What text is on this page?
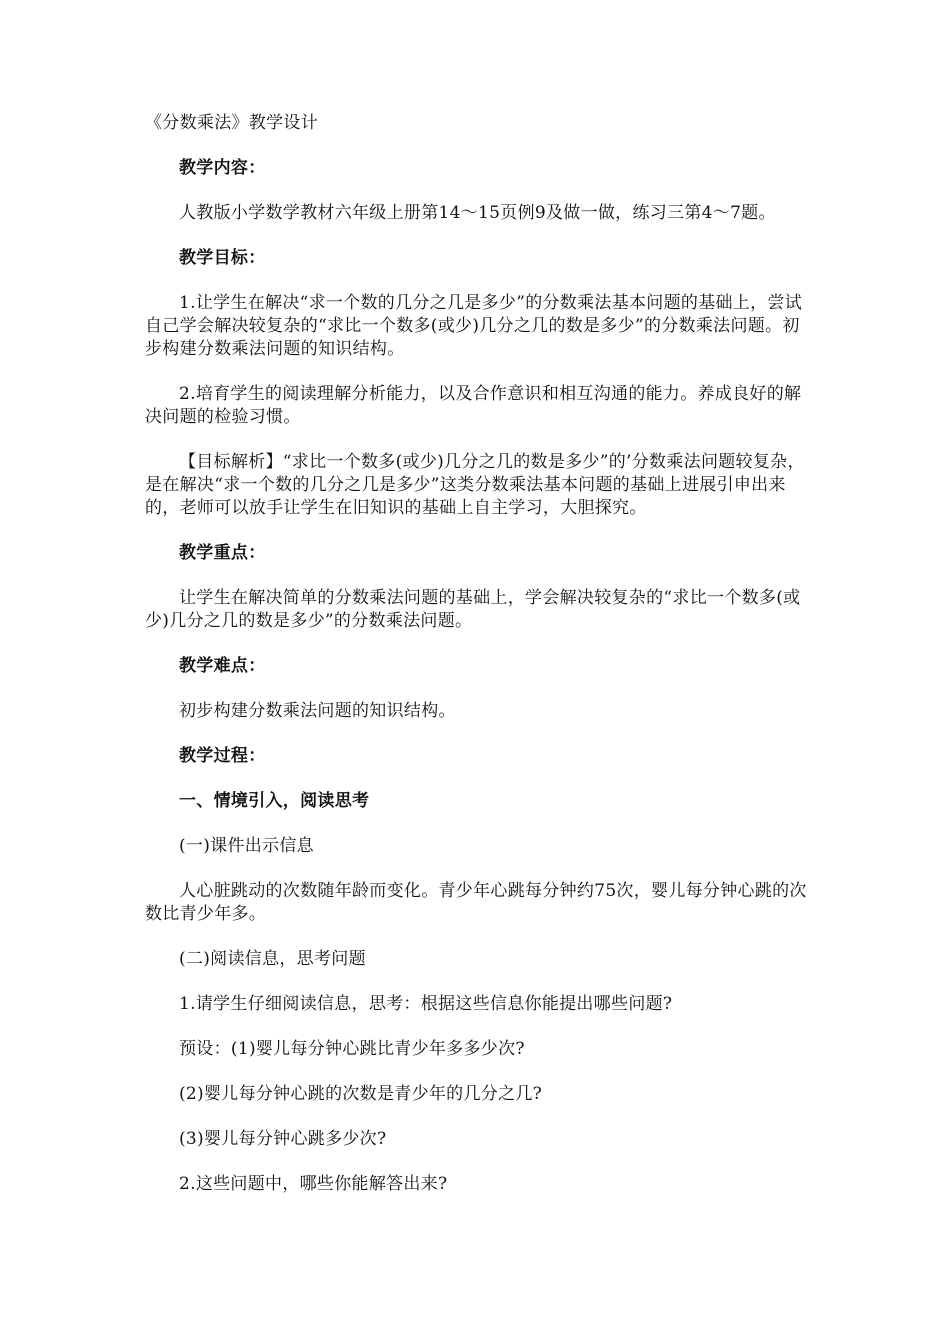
《分数乘法》教学设计

教学内容：

人教版小学数学教材六年级上册第14～15页例9及做一做，练习三第4～7题。

教学目标：

1.让学生在解决“求一个数的几分之几是多少”的分数乘法基本问题的基础上，尝试自己学会解决较复杂的“求比一个数多(或少)几分之几的数是多少”的分数乘法问题。初步构建分数乘法问题的知识结构。

2.培育学生的阅读理解分析能力，以及合作意识和相互沟通的能力。养成良好的解决问题的检验习惯。

【目标解析】“求比一个数多(或少)几分之几的数是多少”的’分数乘法问题较复杂，是在解决“求一个数的几分之几是多少”这类分数乘法基本问题的基础上进展引申出来的，老师可以放手让学生在旧知识的基础上自主学习，大胆探究。

教学重点：

让学生在解决简单的分数乘法问题的基础上，学会解决较复杂的“求比一个数多(或少)几分之几的数是多少”的分数乘法问题。

教学难点：

初步构建分数乘法问题的知识结构。

教学过程：

一、情境引入，阅读思考

(一)课件出示信息

人心脏跳动的次数随年龄而变化。青少年心跳每分钟约75次，婴儿每分钟心跳的次数比青少年多。

(二)阅读信息，思考问题

1.请学生仔细阅读信息，思考：根据这些信息你能提出哪些问题?

预设：(1)婴儿每分钟心跳比青少年多多少次?

(2)婴儿每分钟心跳的次数是青少年的几分之几?

(3)婴儿每分钟心跳多少次?

2.这些问题中，哪些你能解答出来?
